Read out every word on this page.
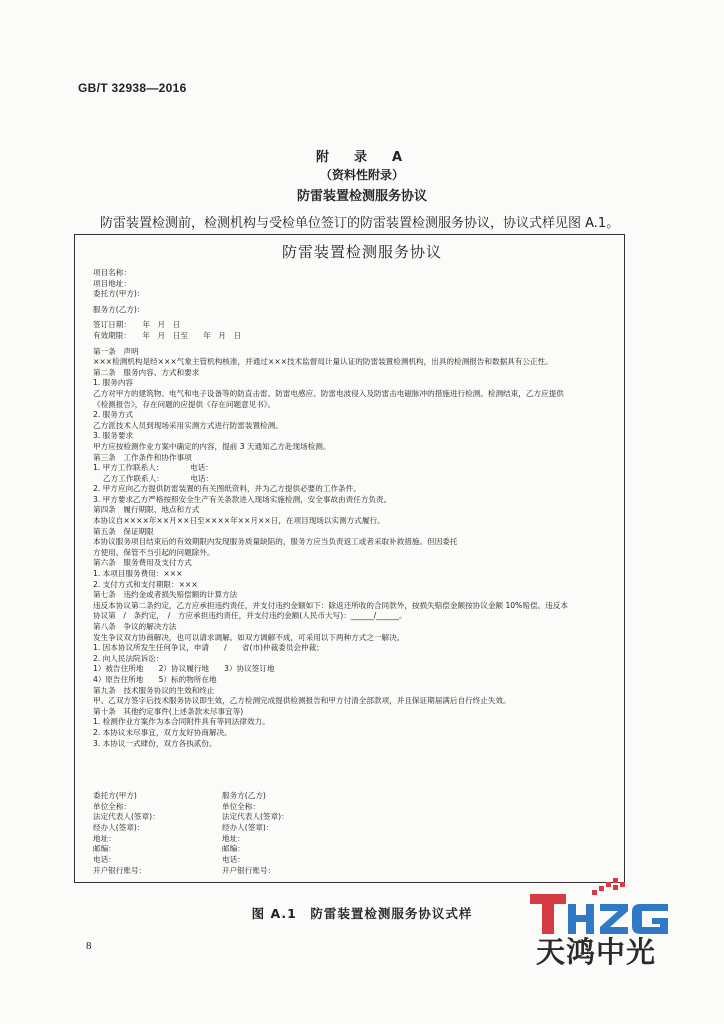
GB/T 32938—2016
附　录　A
（资料性附录）
防雷装置检测服务协议
防雷装置检测前，检测机构与受检单位签订的防雷装置检测服务协议，协议式样见图 A.1。
防雷装置检测服务协议
项目名称：
项目地址：
委托方(甲方)：
服务方(乙方)：
签订日期：　　年　月　日
有效期限：　　年　月　日至　　年　月　日
第一条　声明
×××检测机构是经×××气象主管机构核准，并通过×××技术监督局计量认证的防雷装置检测机构，出具的检测报告和数据具有公正性。
第二条　服务内容、方式和要求
1. 服务内容
乙方对甲方的建筑物、电气和电子设备等的防直击雷、防雷电感应、防雷电波侵入及防雷击电磁脉冲的措施进行检测。检测结束，乙方应提供
《检测报告》，存在问题的应提供《存在问题意见书》。
2. 服务方式
乙方派技术人员到现场采用实测方式进行防雷装置检测。
3. 服务要求
甲方应按检测作业方案中确定的内容，提前 3 天通知乙方赴现场检测。
第三条　工作条件和协作事项
1. 甲方工作联系人：　　　　电话：
　 乙方工作联系人：　　　　电话：
2. 甲方应向乙方提供防雷装置的有关图纸资料，并为乙方提供必要的工作条件。
3. 甲方要求乙方严格按照安全生产有关条款进入现场实施检测，安全事故由责任方负责。
第四条　履行期限、地点和方式
本协议自××××年××月××日至××××年××月××日，在项目现场以实测方式履行。
第五条　保证期限
本协议服务项目结束后的有效期限内发现服务质量缺陷的，服务方应当负责返工或者采取补救措施。但因委托
方使用、保管不当引起的问题除外。
第六条　服务费用及支付方式
1. 本项目服务费用：×××
2. 支付方式和支付期限：×××
第七条　违约金或者损失赔偿额的计算方法
违反本协议第二条约定，乙方应承担违约责任，并支付违约金额如下：除返还所收的合同款外，按损失赔偿金额按协议金额 10%赔偿。违反本
协议第　/　条约定，　/　方应承担违约责任，并支付违约金额(人民币大写)：______/______。
第八条　争议的解决方法
发生争议双方协商解决，也可以请求调解。如双方调解不成，可采用以下两种方式之一解决。
1. 因本协议所发生任何争议，申请　　/　　省(市)仲裁委员会仲裁；
2. 向人民法院诉讼：
1）被告住所地　　2）协议履行地　　3）协议签订地
4）原告住所地　　5）标的物所在地
第九条　技术服务协议的生效和终止
甲、乙双方签字后技术服务协议即生效，乙方检测完成提供检测报告和甲方付清全部款项，并且保证期届满后自行终止失效。
第十条　其他约定事件(上述条款未尽事宜等)
1. 检测作业方案作为本合同附件具有等同法律效力。
2. 本协议未尽事宜，双方友好协商解决。
3. 本协议一式肆份，双方各执贰份。
委托方(甲方)
单位全称：
法定代表人(签章)：
经办人(签章)：
地址：
邮编：
电话：
开户银行账号：
服务方(乙方)
单位全称：
法定代表人(签章)：
经办人(签章)：
地址：
邮编：
电话：
开户银行账号：
图 A.1　防雷装置检测服务协议式样
8	天鸿中光
